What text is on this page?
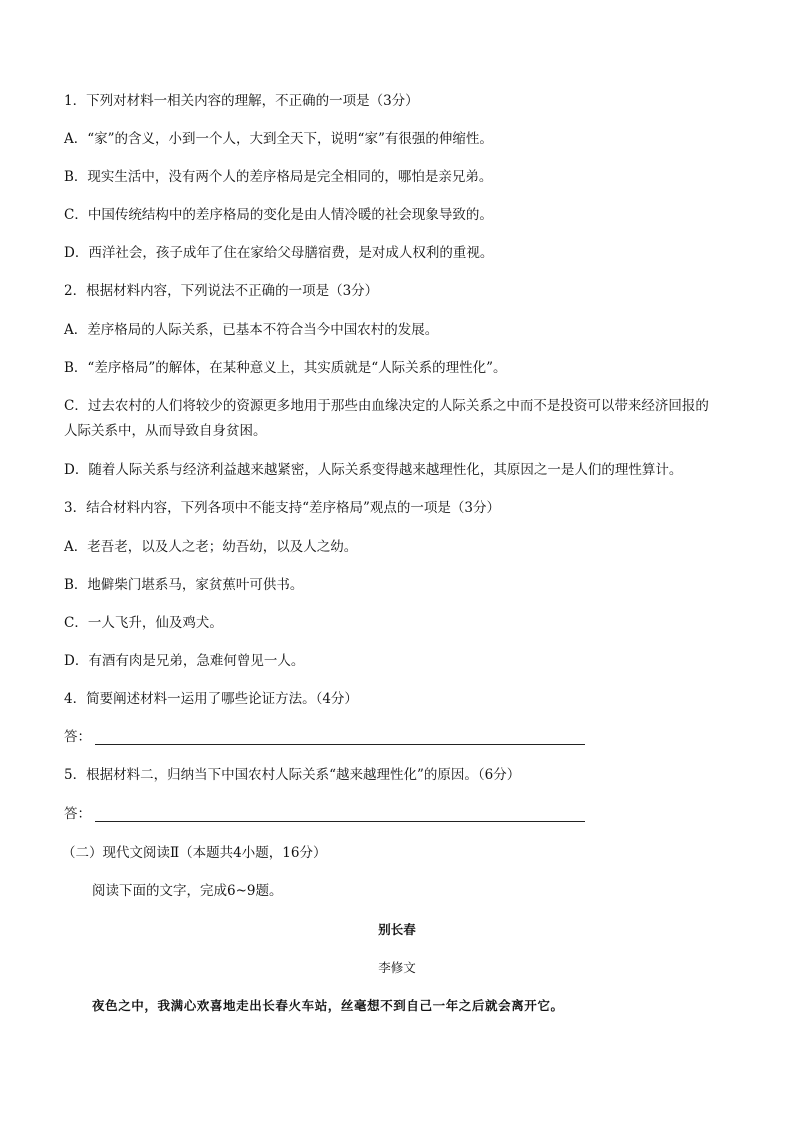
1．下列对材料一相关内容的理解，不正确的一项是（3分）
A．“家”的含义，小到一个人，大到全天下，说明“家”有很强的伸缩性。
B．现实生活中，没有两个人的差序格局是完全相同的，哪怕是亲兄弟。
C．中国传统结构中的差序格局的变化是由人情冷暖的社会现象导致的。
D．西洋社会，孩子成年了住在家给父母膳宿费，是对成人权利的重视。
2．根据材料内容，下列说法不正确的一项是（3分）
A．差序格局的人际关系，已基本不符合当今中国农村的发展。
B．“差序格局”的解体，在某种意义上，其实质就是“人际关系的理性化”。
C．过去农村的人们将较少的资源更多地用于那些由血缘决定的人际关系之中而不是投资可以带来经济回报的人际关系中，从而导致自身贫困。
D．随着人际关系与经济利益越来越紧密，人际关系变得越来越理性化，其原因之一是人们的理性算计。
3．结合材料内容，下列各项中不能支持“差序格局”观点的一项是（3分）
A．老吾老，以及人之老；幼吾幼，以及人之幼。
B．地僻柴门堪系马，家贫蕉叶可供书。
C．一人飞升，仙及鸡犬。
D．有酒有肉是兄弟，急难何曾见一人。
4．简要阐述材料一运用了哪些论证方法。（4分）
答：
5．根据材料二，归纳当下中国农村人际关系“越来越理性化”的原因。（6分）
答：
（二）现代文阅读Ⅱ（本题共4小题，16分）
阅读下面的文字，完成6~9题。
别长春
李修文
夜色之中，我满心欢喜地走出长春火车站，丝毫想不到自己一年之后就会离开它。
